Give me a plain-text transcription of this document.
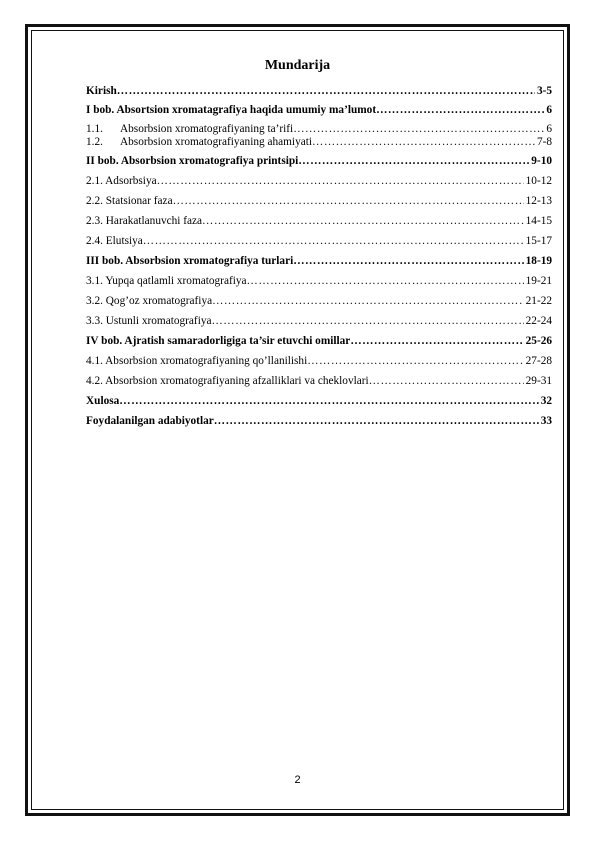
Mundarija
Kirish ……………………………………………………………………………………………………………………………………………………	3-5
I bob. Absortsion xromatagrafiya haqida umumiy ma’lumot ……………………………………………………………………………………………………………………………………………………	6
1.1.	Absorbsion xromatografiyaning ta’rifi ……………………………………………………………………………………………………………………………………………………	6
1.2.	Absorbsion xromatografiyaning ahamiyati ……………………………………………………………………………………………………………………………………………………	7-8
II bob. Absorbsion xromatografiya printsipi ……………………………………………………………………………………………………………………………………………………	9-10
2.1. Adsorbsiya ……………………………………………………………………………………………………………………………………………………	10-12
2.2. Statsionar faza ……………………………………………………………………………………………………………………………………………………	12-13
2.3. Harakatlanuvchi faza ……………………………………………………………………………………………………………………………………………………	14-15
2.4. Elutsiya ……………………………………………………………………………………………………………………………………………………	15-17
III bob. Absorbsion xromatografiya turlari ……………………………………………………………………………………………………………………………………………………	18-19
3.1. Yupqa qatlamli xromatografiya ……………………………………………………………………………………………………………………………………………………	19-21
3.2. Qog’oz xromatografiya ……………………………………………………………………………………………………………………………………………………	21-22
3.3. Ustunli xromatografiya ……………………………………………………………………………………………………………………………………………………	22-24
IV bob. Ajratish samaradorligiga ta’sir etuvchi omillar ……………………………………………………………………………………………………………………………………………………	25-26
4.1. Absorbsion xromatografiyaning qo’llanilishi ……………………………………………………………………………………………………………………………………………………	27-28
4.2. Absorbsion xromatografiyaning afzalliklari va cheklovlari ……………………………………………………………………………………………………………………………………………………	29-31
Xulosa ……………………………………………………………………………………………………………………………………………………	32
Foydalanilgan adabiyotlar ……………………………………………………………………………………………………………………………………………………	33
2
